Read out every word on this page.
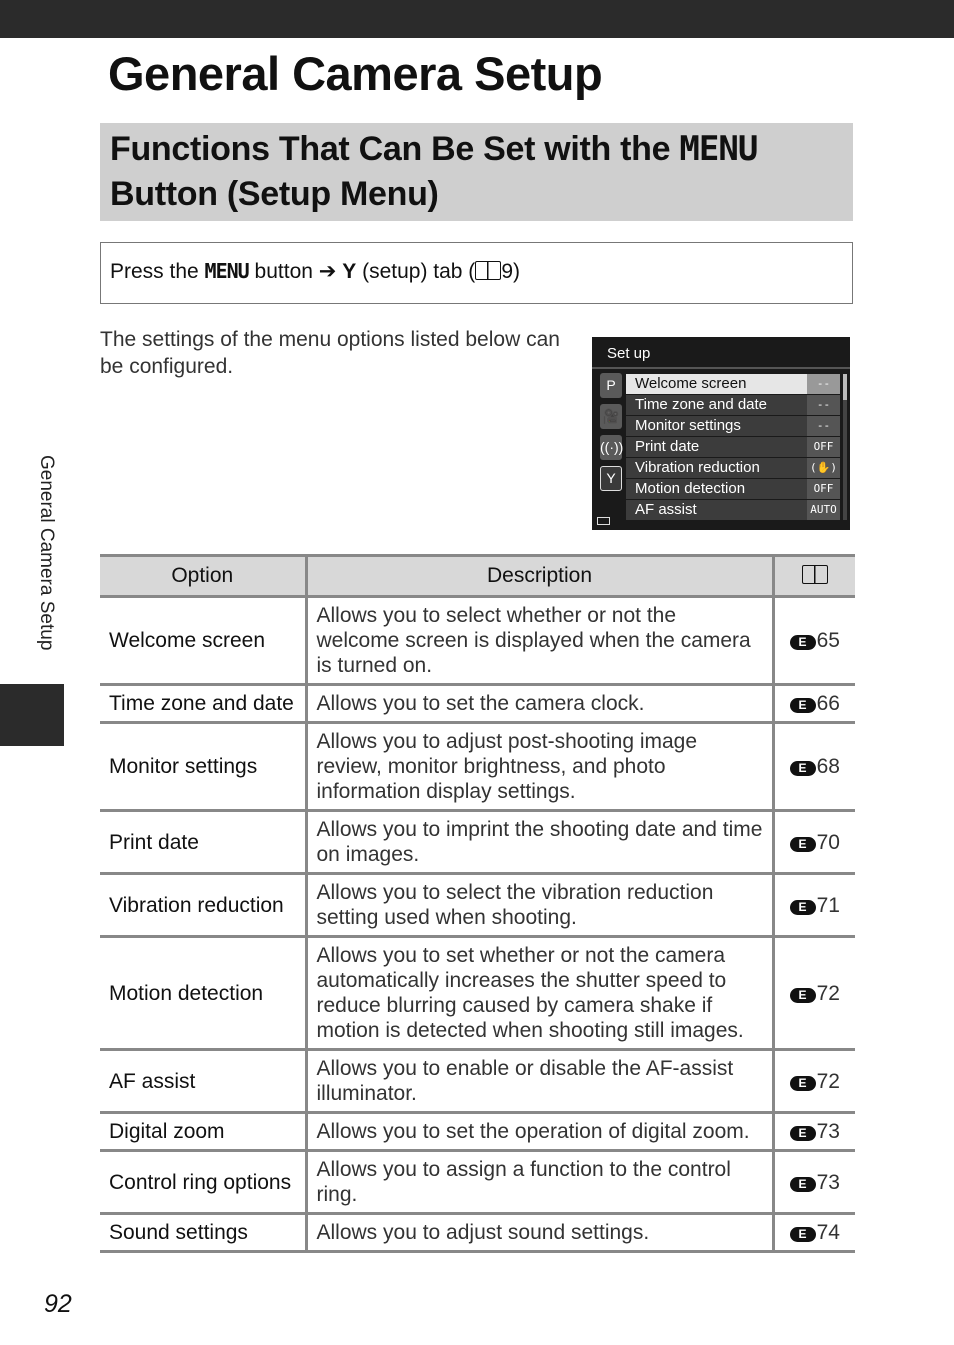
General Camera Setup
Functions That Can Be Set with the MENU
Button (Setup Menu)
Press the MENU button ➔ Y (setup) tab ( 9)

The settings of the menu options listed below can be configured.

Set up
P
🎥
((·))
Y
Welcome screen	--
Time zone and date	--
Monitor settings	--
Print date	OFF
Vibration reduction	(✋)
Motion detection	OFF
AF assist	AUTO
General Camera Setup	Option	Description	
Welcome screen	Allows you to select whether or not the welcome screen is displayed when the camera is turned on.	E 65
Time zone and date	Allows you to set the camera clock.	E 66
Monitor settings	Allows you to adjust post-shooting image review, monitor brightness, and photo information display settings.	E 68
Print date	Allows you to imprint the shooting date and time on images.	E 70
Vibration reduction	Allows you to select the vibration reduction setting used when shooting.	E 71
Motion detection	Allows you to set whether or not the camera automatically increases the shutter speed to reduce blurring caused by camera shake if motion is detected when shooting still images.	E 72
AF assist	Allows you to enable or disable the AF-assist illuminator.	E 72
Digital zoom	Allows you to set the operation of digital zoom.	E 73
Control ring options	Allows you to assign a function to the control ring.	E 73
Sound settings	Allows you to adjust sound settings.	E 74
92
